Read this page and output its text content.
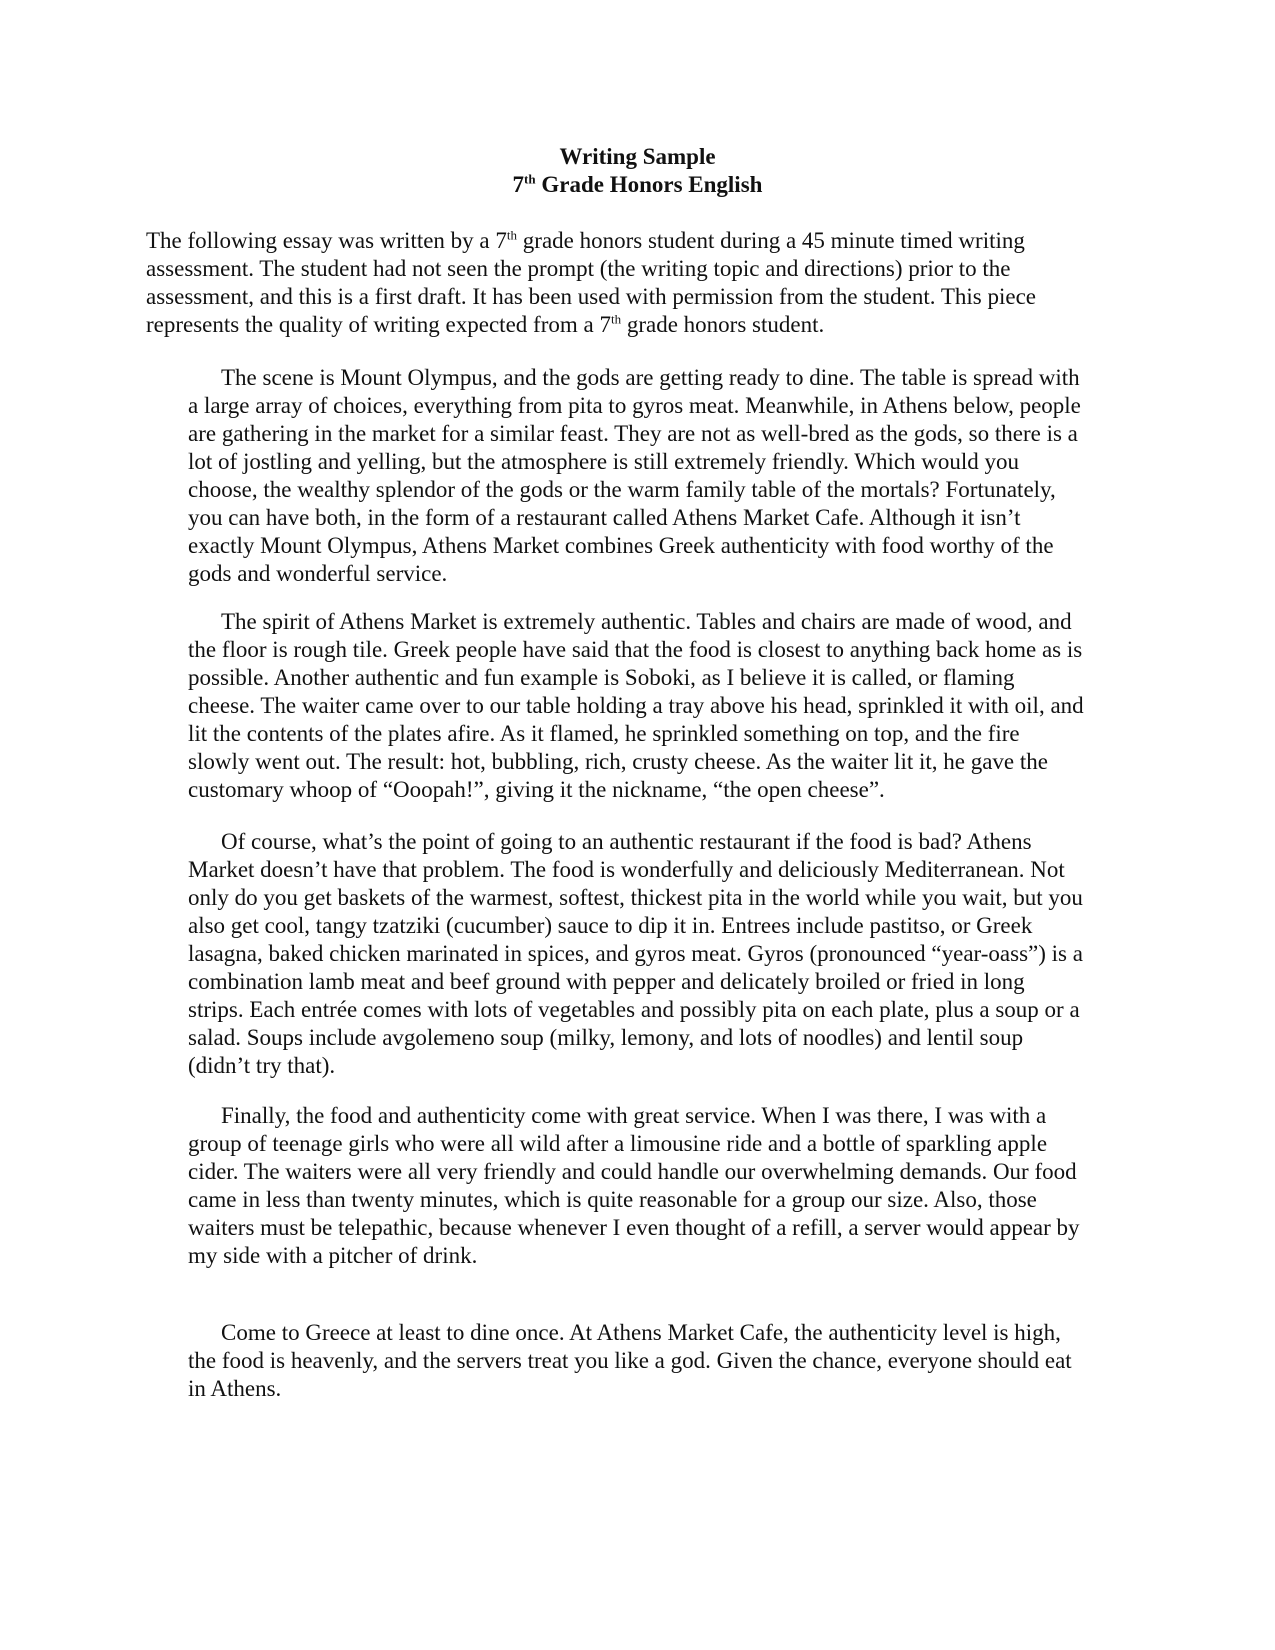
Writing Sample
7th Grade Honors English
The following essay was written by a 7th grade honors student during a 45 minute timed writing
assessment. The student had not seen the prompt (the writing topic and directions) prior to the
assessment, and this is a first draft. It has been used with permission from the student. This piece
represents the quality of writing expected from a 7th grade honors student.
The scene is Mount Olympus, and the gods are getting ready to dine. The table is spread with
a large array of choices, everything from pita to gyros meat. Meanwhile, in Athens below, people
are gathering in the market for a similar feast. They are not as well-bred as the gods, so there is a
lot of jostling and yelling, but the atmosphere is still extremely friendly. Which would you
choose, the wealthy splendor of the gods or the warm family table of the mortals? Fortunately,
you can have both, in the form of a restaurant called Athens Market Cafe. Although it isn’t
exactly Mount Olympus, Athens Market combines Greek authenticity with food worthy of the
gods and wonderful service.
The spirit of Athens Market is extremely authentic. Tables and chairs are made of wood, and
the floor is rough tile. Greek people have said that the food is closest to anything back home as is
possible. Another authentic and fun example is Soboki, as I believe it is called, or flaming
cheese. The waiter came over to our table holding a tray above his head, sprinkled it with oil, and
lit the contents of the plates afire. As it flamed, he sprinkled something on top, and the fire
slowly went out. The result: hot, bubbling, rich, crusty cheese. As the waiter lit it, he gave the
customary whoop of “Ooopah!”, giving it the nickname, “the open cheese”.
Of course, what’s the point of going to an authentic restaurant if the food is bad? Athens
Market doesn’t have that problem. The food is wonderfully and deliciously Mediterranean. Not
only do you get baskets of the warmest, softest, thickest pita in the world while you wait, but you
also get cool, tangy tzatziki (cucumber) sauce to dip it in. Entrees include pastitso, or Greek
lasagna, baked chicken marinated in spices, and gyros meat. Gyros (pronounced “year-oass”) is a
combination lamb meat and beef ground with pepper and delicately broiled or fried in long
strips. Each entrée comes with lots of vegetables and possibly pita on each plate, plus a soup or a
salad. Soups include avgolemeno soup (milky, lemony, and lots of noodles) and lentil soup
(didn’t try that).
Finally, the food and authenticity come with great service. When I was there, I was with a
group of teenage girls who were all wild after a limousine ride and a bottle of sparkling apple
cider. The waiters were all very friendly and could handle our overwhelming demands. Our food
came in less than twenty minutes, which is quite reasonable for a group our size. Also, those
waiters must be telepathic, because whenever I even thought of a refill, a server would appear by
my side with a pitcher of drink.
Come to Greece at least to dine once. At Athens Market Cafe, the authenticity level is high,
the food is heavenly, and the servers treat you like a god. Given the chance, everyone should eat
in Athens.
